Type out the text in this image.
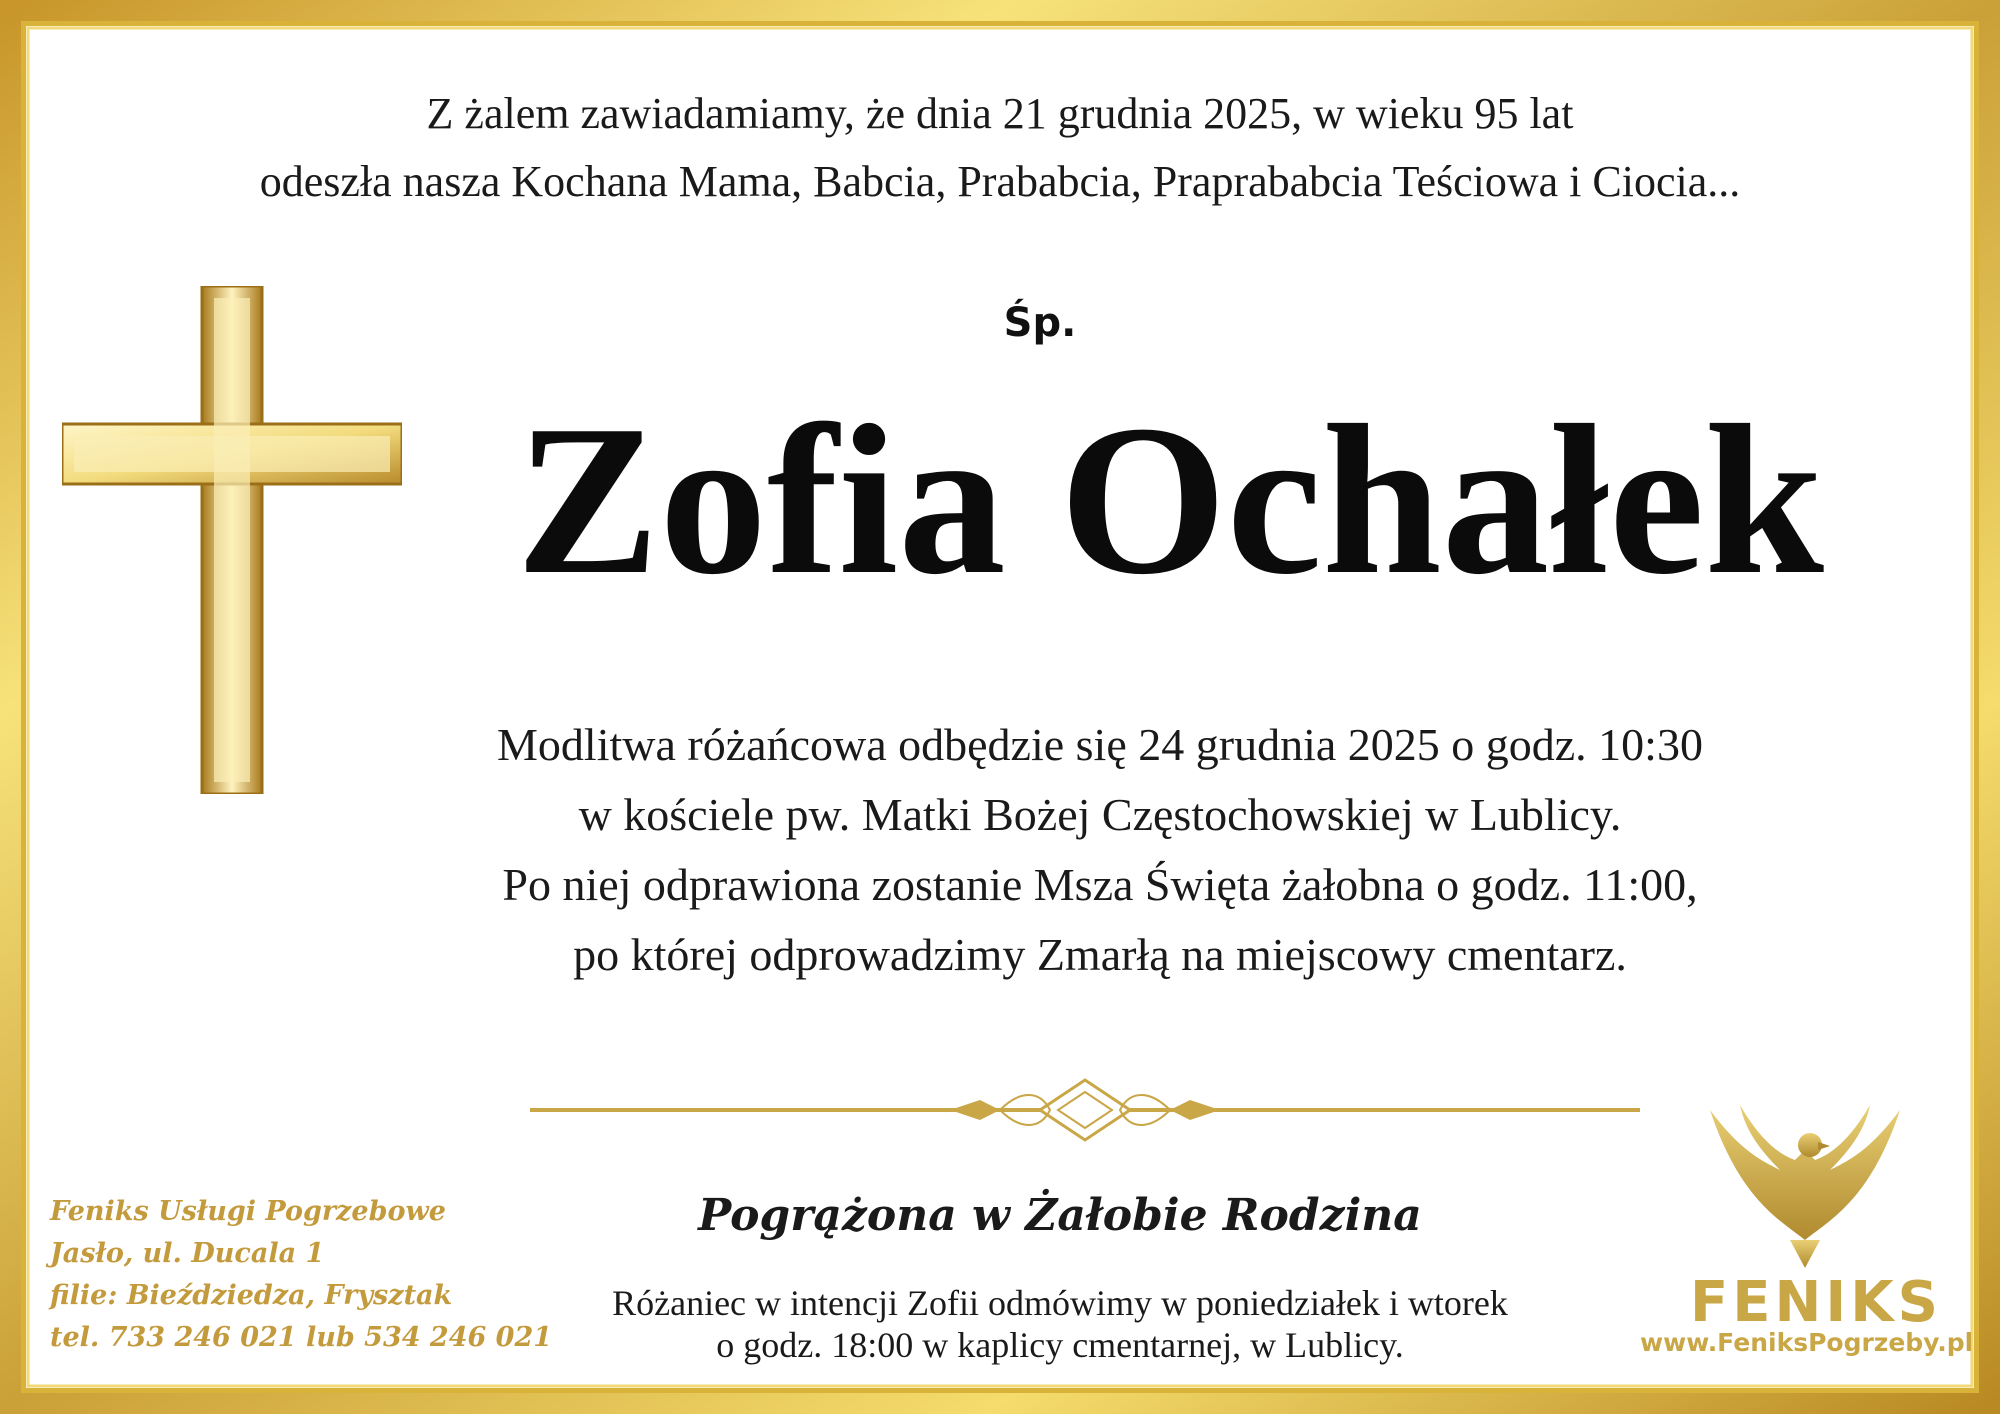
Z żalem zawiadamiamy, że dnia 21 grudnia 2025, w wieku 95 lat
odeszła nasza Kochana Mama, Babcia, Prababcia, Praprababcia Teściowa i Ciocia...
Śp.
Zofia Ochałek
Modlitwa różańcowa odbędzie się 24 grudnia 2025 o godz. 10:30
w kościele pw. Matki Bożej Częstochowskiej w Lublicy.
Po niej odprawiona zostanie Msza Święta żałobna o godz. 11:00,
po której odprowadzimy Zmarłą na miejscowy cmentarz.
Pogrążona w Żałobie Rodzina
Różaniec w intencji Zofii odmówimy w poniedziałek i wtorek
o godz. 18:00 w kaplicy cmentarnej, w Lublicy.
Feniks Usługi Pogrzebowe
Jasło, ul. Ducala 1
filie: Bieździedza, Frysztak
tel. 733 246 021 lub 534 246 021
FENIKS
www.FeniksPogrzeby.pl
